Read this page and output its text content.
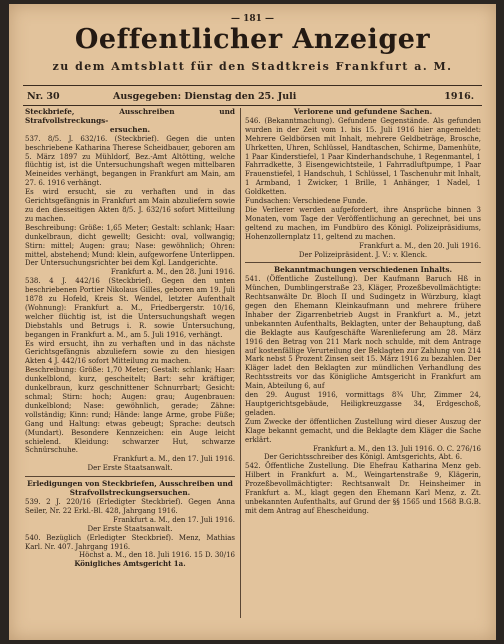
— 181 —
Oeffentlicher Anzeiger
zu dem Amtsblatt für den Stadtkreis Frankfurt a. M.
Nr. 30	Ausgegeben: Dienstag den 25. Juli	1916.

Steckbriefe, Ausschreiben und Strafvollstreckungs-

ersuchen.

537. 8/5. J. 632/16. (Steckbrief). Gegen die unten beschriebene Katharina Therese Scheidbauer, geboren am 5. März 1897 zu Mühldorf, Bez.-Amt Altötting, welche flüchtig ist, ist die Untersuchungshaft wegen mittelbaren Meineides verhängt, begangen in Frankfurt am Main, am 27. 6. 1916 verhängt.

Es wird ersucht, sie zu verhaften und in das Gerichtsgefängnis in Frankfurt am Main abzuliefern sowie zu den diesseitigen Akten 8/5. J. 632/16 sofort Mitteilung zu machen.

Beschreibung: Größe: 1,65 Meter; Gestalt: schlank; Haar: dunkelbraun, dicht gewellt; Gesicht: oval, vollwangig; Stirn: mittel; Augen: grau; Nase: gewöhnlich; Ohren: mittel, abstehend; Mund: klein, aufgeworfene Unterlippen.

Der Untersuchungsrichter bei dem Kgl. Landgerichte.

Frankfurt a. M., den 28. Juni 1916.

538. 4 J. 442/16 (Steckbrief). Gegen den unten beschriebenen Portier Nikolaus Gilles, geboren am 19. Juli 1878 zu Hofeld, Kreis St. Wendel, letzter Aufenthalt (Wohnung): Frankfurt a. M., Friedbergerstr. 10/16, welcher flüchtig ist, ist die Untersuchungshaft wegen Diebstahls und Betrugs i. R. sowie Untersuchung, begangen in Frankfurt a. M., am 5. Juli 1916, verhängt.

Es wird ersucht, ihn zu verhaften und in das nächste Gerichtsgefängnis abzuliefern sowie zu den hiesigen Akten 4 J. 442/16 sofort Mitteilung zu machen.

Beschreibung: Größe: 1,70 Meter; Gestalt: schlank; Haar: dunkelblond, kurz, gescheitelt; Bart: sehr kräftiger, dunkelbraun, kurz geschnittener Schnurrbart; Gesicht: schmal; Stirn: hoch; Augen: grau; Augenbrauen: dunkelblond; Nase: gewöhnlich, gerade; Zähne: vollständig; Kinn: rund; Hände: lange Arme, grobe Füße; Gang und Haltung: etwas gebeugt; Sprache: deutsch (Mundart). Besondere Kennzeichen: ein Auge leicht schielend. Kleidung: schwarzer Hut, schwarze Schnürschuhe.

Frankfurt a. M., den 17. Juli 1916.

Der Erste Staatsanwalt.

Erledigungen von Steckbriefen, Ausschreiben und Strafvollstreckungsersuchen.

539. 2 J. 220/16 (Erledigter Steckbrief). Gegen Anna Seiler, Nr. 22 Erkl.-Bl. 428, Jahrgang 1916.

Frankfurt a. M., den 17. Juli 1916.

Der Erste Staatsanwalt.

540. Bezüglich (Erledigter Steckbrief). Menz, Mathias Karl. Nr. 407. Jahrgang 1916.

Höchst a. M., den 18. Juli 1916. 15 D. 30/16

Königliches Amtsgericht 1a.

Verlorene und gefundene Sachen.

546. (Bekanntmachung). Gefundene Gegenstände. Als gefunden wurden in der Zeit vom 1. bis 15. Juli 1916 hier angemeldet: Mehrere Geldbörsen mit Inhalt, mehrere Geldbeträge, Brosche, Uhrketten, Uhren, Schlüssel, Handtaschen, Schirme, Damenhüte, 1 Paar Kinderstiefel, 1 Paar Kinderhandschuhe, 1 Regenmantel, 1 Fahrradkette, 3 Eisengewichtsteile, 1 Fahrradluftpumpe, 1 Paar Frauenstiefel, 1 Handschuh, 1 Schlüssel, 1 Taschenuhr mit Inhalt, 1 Armband, 1 Zwicker, 1 Brille, 1 Anhänger, 1 Nadel, 1 Goldketten.

Fundsachen: Verschiedene Funde.

Die Verlierer werden aufgefordert, ihre Ansprüche binnen 3 Monaten, vom Tage der Veröffentlichung an gerechnet, bei uns geltend zu machen, im Fundbüro des Königl. Polizeipräsidiums, Hohenzollernplatz 11, geltend zu machen.

Frankfurt a. M., den 20. Juli 1916.

Der Polizeipräsident. J. V.: v. Klenck.

Bekanntmachungen verschiedenen Inhalts.

541. (Öffentliche Zustellung). Der Kaufmann Baruch Hß in München, Dumblingerstraße 23, Kläger, Prozeßbevollmächtigte: Rechtsanwälte Dr. Bloch II und Sudingetz in Würzburg, klagt gegen den Ehemann Kleinkaufmann und mehrere frühere Inhaber der Zigarrenbetrieb Augst in Frankfurt a. M., jetzt unbekannten Aufenthalts, Beklagten, unter der Behauptung, daß die Beklagte aus Kaufgeschäfte Warenlieferung am 28. März 1916 den Betrag von 211 Mark noch schulde, mit dem Antrage auf kostenfällige Verurteilung der Beklagten zur Zahlung von 214 Mark nebst 5 Prozent Zinsen seit 15. März 1916 zu bezahlen. Der Kläger ladet den Beklagten zur mündlichen Verhandlung des Rechtsstreits vor das Königliche Amtsgericht in Frankfurt am Main, Abteilung 6, auf

den 29. August 1916, vormittags 8¾ Uhr, Zimmer 24, Hauptgerichtsgebäude, Heiligkreuzgasse 34, Erdgeschoß, geladen.

Zum Zwecke der öffentlichen Zustellung wird dieser Auszug der Klage bekannt gemacht, und die Beklagte dem Kläger die Sache erklärt.

Frankfurt a. M., den 13. Juli 1916. O. C. 276/16

Der Gerichtsschreiber des Königl. Amtsgerichts, Abt. 6.

542. Öffentliche Zustellung. Die Ehefrau Katharina Menz geb. Hilbert in Frankfurt a. M., Weingartenstraße 9, Klägerin, Prozeßbevollmächtigter: Rechtsanwalt Dr. Heinsheimer in Frankfurt a. M., klagt gegen den Ehemann Karl Menz, z. Zt. unbekannten Aufenthalts, auf Grund der §§ 1565 und 1568 B.G.B. mit dem Antrag auf Ehescheidung.
